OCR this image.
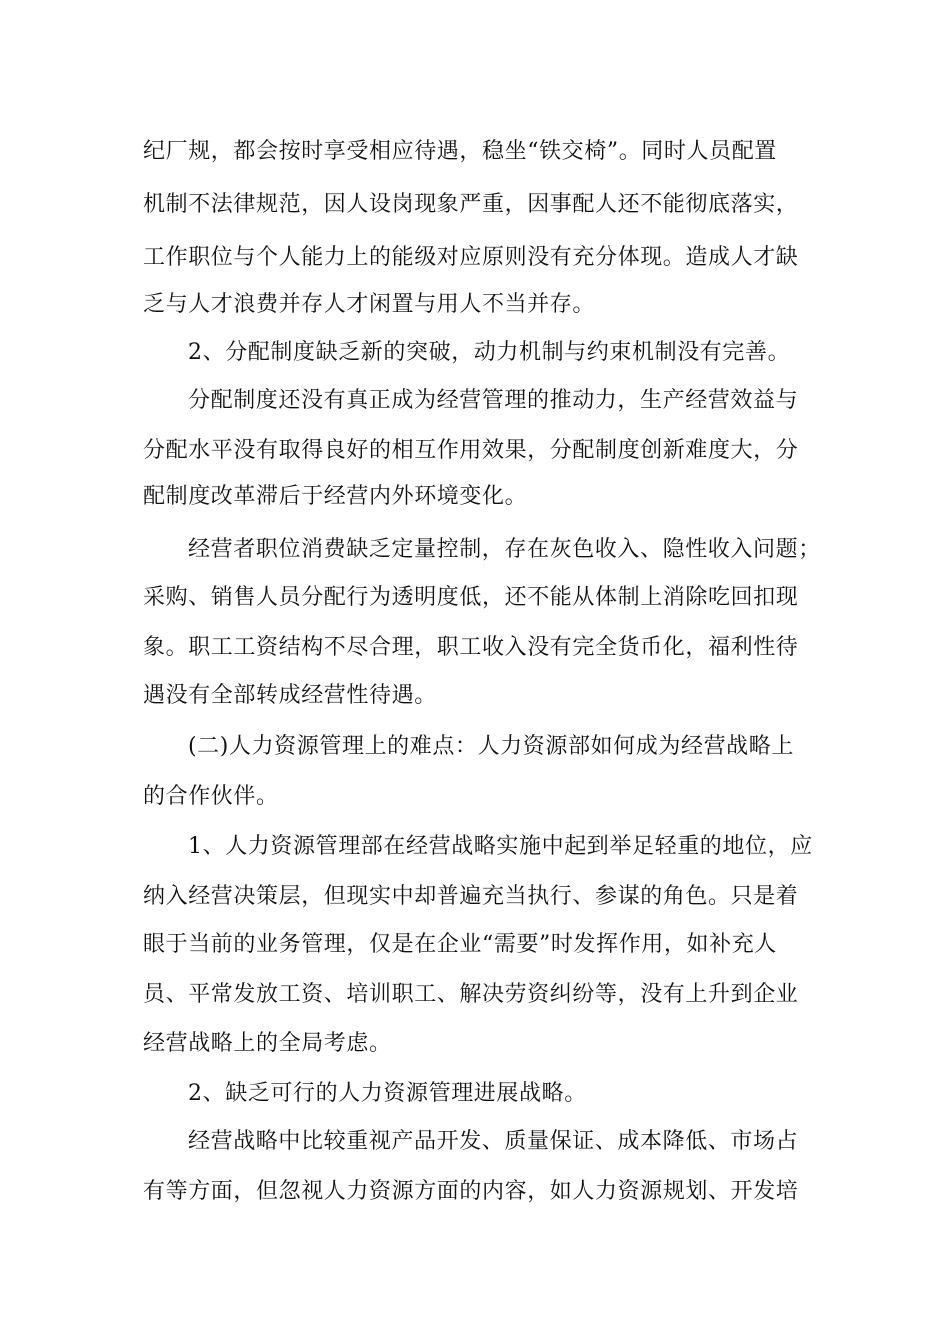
纪厂规，都会按时享受相应待遇，稳坐“铁交椅”。同时人员配置
机制不法律规范，因人设岗现象严重，因事配人还不能彻底落实，
工作职位与个人能力上的能级对应原则没有充分体现。造成人才缺
乏与人才浪费并存人才闲置与用人不当并存。
2、分配制度缺乏新的突破，动力机制与约束机制没有完善。
分配制度还没有真正成为经营管理的推动力，生产经营效益与
分配水平没有取得良好的相互作用效果，分配制度创新难度大，分
配制度改革滞后于经营内外环境变化。
经营者职位消费缺乏定量控制，存在灰色收入、隐性收入问题；
采购、销售人员分配行为透明度低，还不能从体制上消除吃回扣现
象。职工工资结构不尽合理，职工收入没有完全货币化，福利性待
遇没有全部转成经营性待遇。
(二)人力资源管理上的难点：人力资源部如何成为经营战略上
的合作伙伴。
1、人力资源管理部在经营战略实施中起到举足轻重的地位，应
纳入经营决策层，但现实中却普遍充当执行、参谋的角色。只是着
眼于当前的业务管理，仅是在企业“需要”时发挥作用，如补充人
员、平常发放工资、培训职工、解决劳资纠纷等，没有上升到企业
经营战略上的全局考虑。
2、缺乏可行的人力资源管理进展战略。
经营战略中比较重视产品开发、质量保证、成本降低、市场占
有等方面，但忽视人力资源方面的内容，如人力资源规划、开发培
